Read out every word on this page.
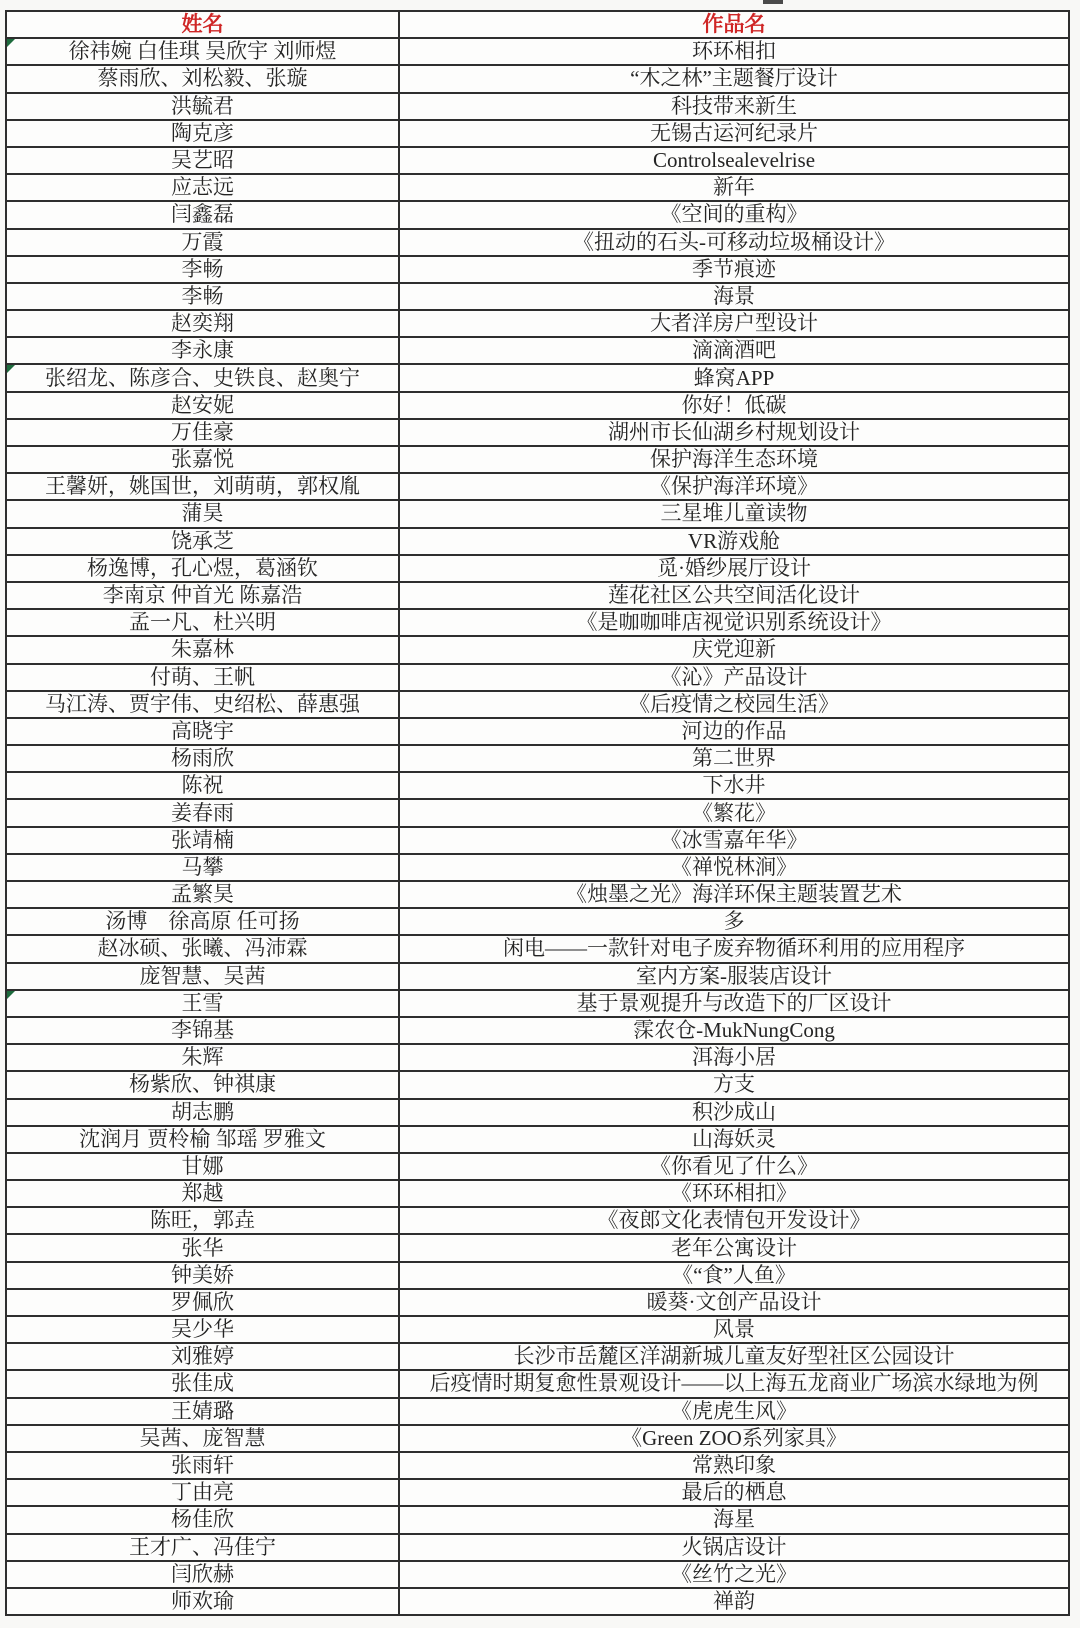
姓名	作品名

徐祎婉 白佳琪 吴欣宇 刘师煜	环环相扣
蔡雨欣、刘松毅、张璇	“木之林”主题餐厅设计
洪毓君	科技带来新生
陶克彦	无锡古运河纪录片
吴艺昭	Controlsealevelrise
应志远	新年
闫鑫磊	《空间的重构》
万霞	《扭动的石头-可移动垃圾桶设计》
李畅	季节痕迹
李畅	海景
赵奕翔	大者洋房户型设计
李永康	滴滴酒吧

张绍龙、陈彦合、史铁良、赵奥宁	蜂窝APP
赵安妮	你好！低碳
万佳豪	湖州市长仙湖乡村规划设计
张嘉悦	保护海洋生态环境
王馨妍，姚国世，刘萌萌，郭权胤	《保护海洋环境》
蒲昊	三星堆儿童读物
饶承芝	VR游戏舱
杨逸博，孔心煜，葛涵钦	觅·婚纱展厅设计
李南京 仲首光 陈嘉浩	莲花社区公共空间活化设计
孟一凡、杜兴明	《是咖咖啡店视觉识别系统设计》
朱嘉林	庆党迎新
付萌、王帆	《沁》产品设计
马江涛、贾宇伟、史绍松、薛惠强	《后疫情之校园生活》
高晓宇	河边的作品
杨雨欣	第二世界
陈祝	下水井
姜春雨	《繁花》
张靖楠	《冰雪嘉年华》
马攀	《禅悦林涧》
孟繁昊	《烛墨之光》海洋环保主题装置艺术
汤博　徐高原 任可扬	多
赵冰硕、张曦、冯沛霖	闲电——一款针对电子废弃物循环利用的应用程序
庞智慧、吴茜	室内方案-服装店设计

王雪	基于景观提升与改造下的厂区设计
李锦基	霂农仓-MukNungCong
朱辉	洱海小居
杨紫欣、钟祺康	方支
胡志鹏	积沙成山
沈润月 贾柃榆 邹瑶 罗雅文	山海妖灵
甘娜	《你看见了什么》
郑越	《环环相扣》
陈旺，郭垚	《夜郎文化表情包开发设计》
张华	老年公寓设计
钟美娇	《“食”人鱼》
罗佩欣	暖葵·文创产品设计
吴少华	风景
刘雅婷	长沙市岳麓区洋湖新城儿童友好型社区公园设计
张佳成	后疫情时期复愈性景观设计——以上海五龙商业广场滨水绿地为例
王婧璐	《虎虎生风》
吴茜、庞智慧	《Green ZOO系列家具》
张雨轩	常熟印象
丁由亮	最后的栖息
杨佳欣	海星
王才广、冯佳宁	火锅店设计
闫欣赫	《丝竹之光》
师欢瑜	禅韵
